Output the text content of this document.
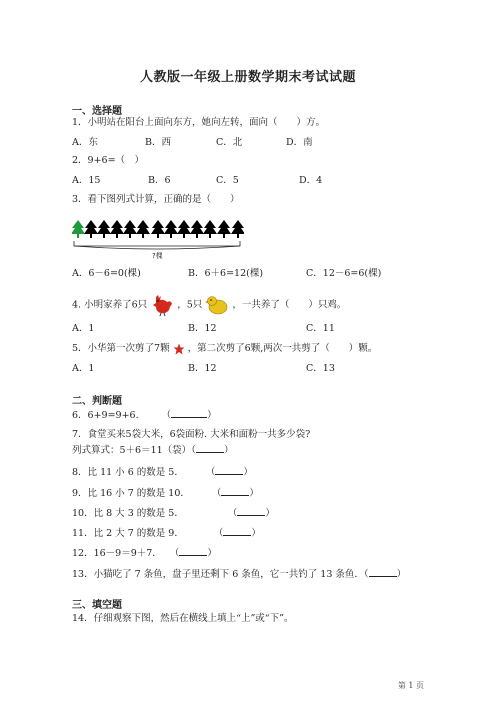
人教版一年级上册数学期末考试试题
一、选择题
1．小明站在阳台上面向东方，她向左转，面向（　　）方。
A．东	B．西	C．北	D．南
2．9+6=（　）
A．15	B．6	C．5	D．4
3．看下图列式计算，正确的是（　　）
?棵
A．6－6=0(棵)	B．6＋6=12(棵)	C．12－6=6(棵)
4. 小明家养了6只	，5只	，一共养了（　　）只鸡。
A．1	B．12	C．11
5．小华第一次剪了7颗 ，第二次剪了6颗,两次一共剪了（　　）颗。
A．1	B．12	C．13
二、判断题
6．6+9=9+6. （	）
7．食堂买来5袋大米，6袋面粉. 大米和面粉一共多少袋?
列式算式：5＋6＝11（袋）（	）
8．比 11 小 6 的数是 5． （	）
9．比 16 小 7 的数是 10． （	）
10．比 8 大 3 的数是 5．	（	）
11．比 2 大 7 的数是 9．	（	）
12．16－9＝9＋7． （	）
13．小猫吃了 7 条鱼，盘子里还剩下 6 条鱼，它一共钓了 13 条鱼．（	）
三、填空题
14．仔细观察下图，然后在横线上填上“上”或“下”。
第 1 页
